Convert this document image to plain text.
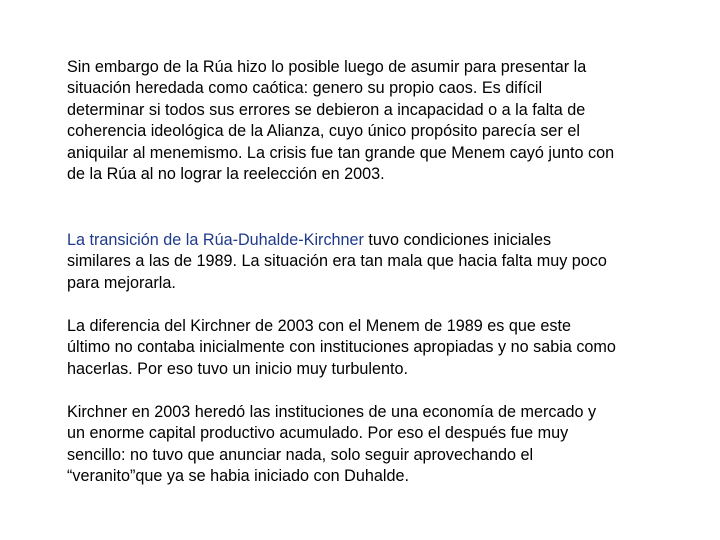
Sin embargo de la Rúa hizo lo posible luego de asumir para presentar la
situación heredada como caótica: genero su propio caos. Es difícil
determinar si todos sus errores se debieron a incapacidad o a la falta de
coherencia ideológica de la Alianza, cuyo único propósito parecía ser el
aniquilar al menemismo. La crisis fue tan grande que Menem cayó junto con
de la Rúa al no lograr la reelección en 2003.

La transición de la Rúa-Duhalde-Kirchner tuvo condiciones iniciales
similares a las de 1989. La situación era tan mala que hacia falta muy poco
para mejorarla.

La diferencia del Kirchner de 2003 con el Menem de 1989 es que este
último no contaba inicialmente con instituciones apropiadas y no sabia como
hacerlas. Por eso tuvo un inicio muy turbulento.

Kirchner en 2003 heredó las instituciones de una economía de mercado y
un enorme capital productivo acumulado. Por eso el después fue muy
sencillo: no tuvo que anunciar nada, solo seguir aprovechando el
“veranito”que ya se habia iniciado con Duhalde.
